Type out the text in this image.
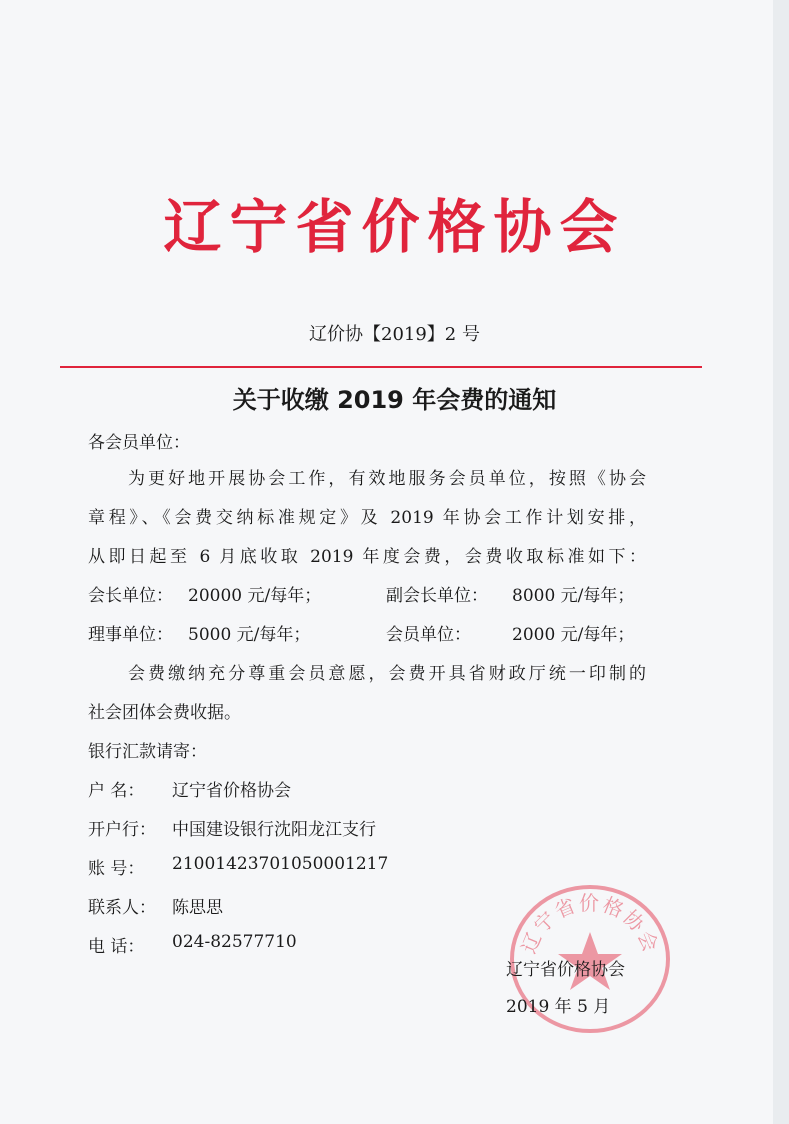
辽宁省价格协会
辽价协【2019】2 号
关于收缴 2019 年会费的通知
各会员单位：
为更好地开展协会工作，有效地服务会员单位，按照《协会
章程》、《会费交纳标准规定》及 2019 年协会工作计划安排，
从即日起至 6 月底收取 2019 年度会费，会费收取标准如下：
会长单位： 20000 元/每年；	副会长单位： 8000 元/每年；
理事单位： 5000 元/每年；	会员单位： 2000 元/每年；
会费缴纳充分尊重会员意愿，会费开具省财政厅统一印制的
社会团体会费收据。
银行汇款请寄：
户 名： 辽宁省价格协会
开户行： 中国建设银行沈阳龙江支行
账 号： 21001423701050001217
联系人： 陈思思
电 话： 024-82577710	辽宁省价格协会
辽宁省价格协会
2019 年 5 月
